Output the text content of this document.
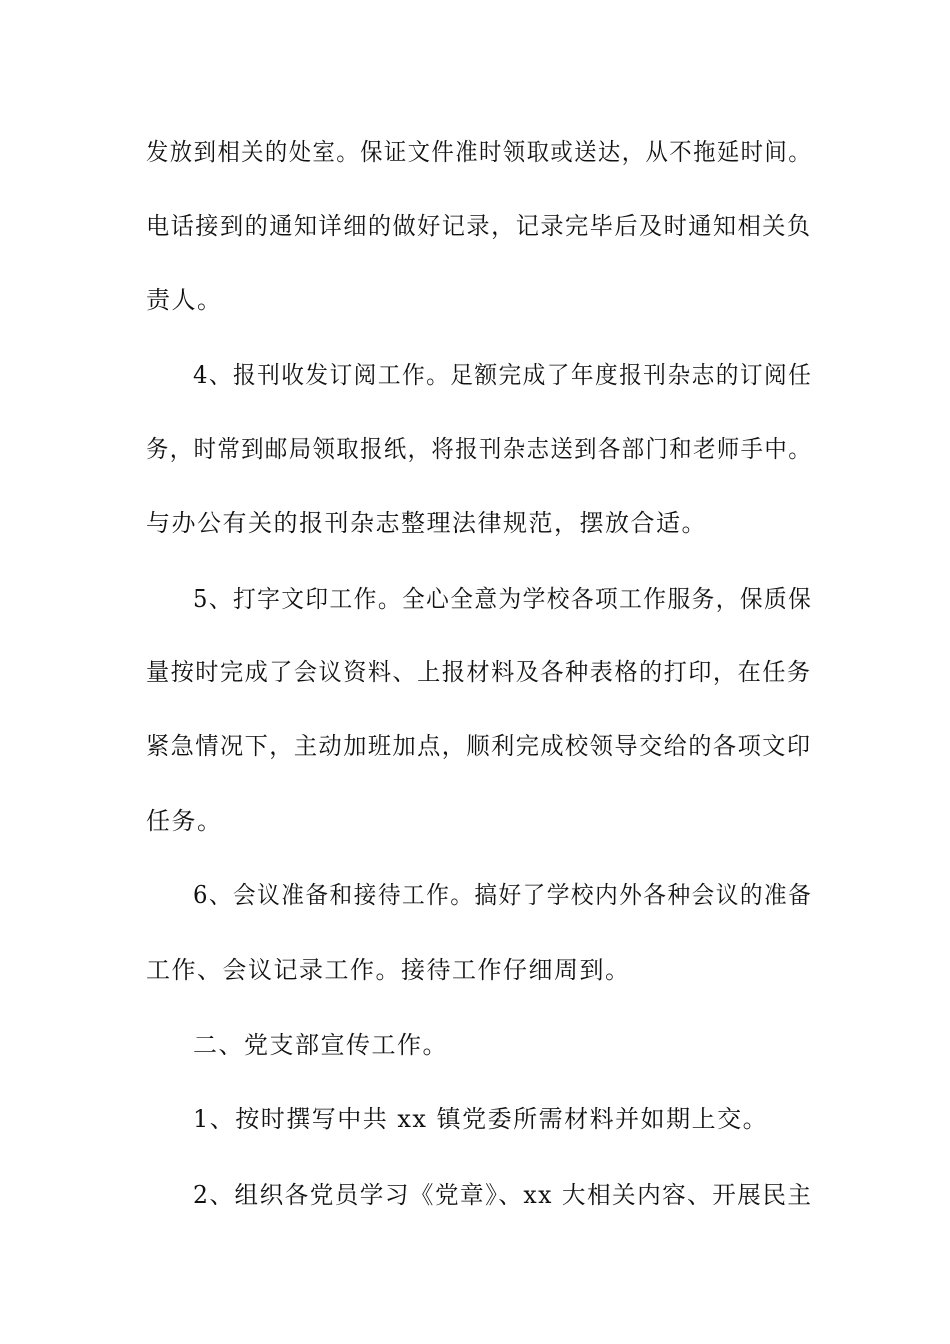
发放到相关的处室。保证文件准时领取或送达，从不拖延时间。
电话接到的通知详细的做好记录，记录完毕后及时通知相关负
责人。
4、报刊收发订阅工作。足额完成了年度报刊杂志的订阅任
务，时常到邮局领取报纸，将报刊杂志送到各部门和老师手中。
与办公有关的报刊杂志整理法律规范，摆放合适。
5、打字文印工作。全心全意为学校各项工作服务，保质保
量按时完成了会议资料、上报材料及各种表格的打印，在任务
紧急情况下，主动加班加点，顺利完成校领导交给的各项文印
任务。
6、会议准备和接待工作。搞好了学校内外各种会议的准备
工作、会议记录工作。接待工作仔细周到。
二、党支部宣传工作。
1、按时撰写中共 xx 镇党委所需材料并如期上交。
2、组织各党员学习《党章》、xx 大相关内容、开展民主
